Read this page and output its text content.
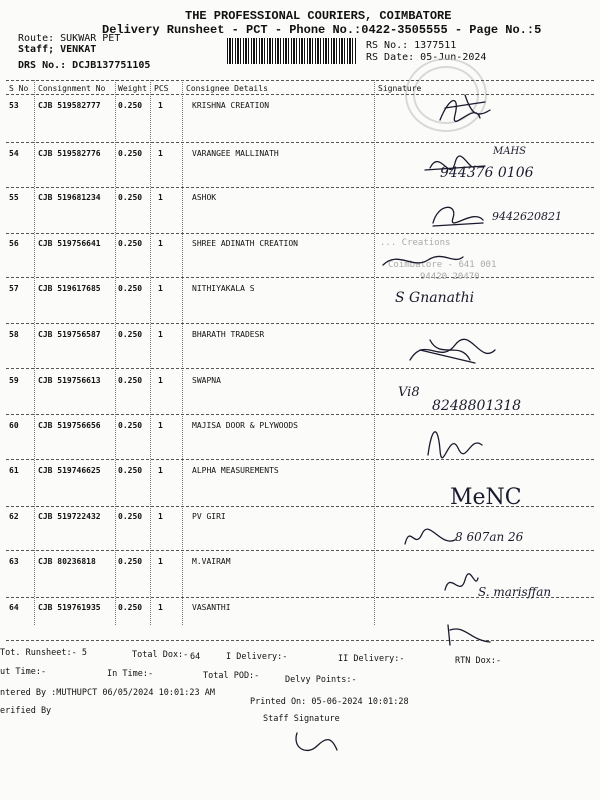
THE PROFESSIONAL COURIERS, COIMBATORE
Delivery Runsheet - PCT - Phone No.:0422-3505555 - Page No.:5
Route: SUKWAR PET
Staff; VENKAT
DRS No.: DCJB137751105
RS No.: 1377511
RS Date: 05-Jun-2024
S No Consignment No Weight PCS Consignee Details	Signature
53 CJB 519582777 0.250 1	KRISHNA CREATION
54 CJB 519582776 0.250 1	VARANGEE MALLINATH
55 CJB 519681234 0.250 1	ASHOK
56 CJB 519756641 0.250 1	SHREE ADINATH CREATION
57 CJB 519617685 0.250 1	NITHIYAKALA S
58 CJB 519756587 0.250 1	BHARATH TRADESR
59 CJB 519756613 0.250 1	SWAPNA
60 CJB 519756656 0.250 1	MAJISA DOOR & PLYWOODS
61 CJB 519746625 0.250 1	ALPHA MEASUREMENTS
62 CJB 519722432 0.250 1	PV GIRI
63 CJB 80236818	0.250 1	M.VAIRAM
64 CJB 519761935 0.250 1	VASANTHI
... Creations
Coimbatore - 641 001
94420 20470
MAHS
944376 0106
9442620821
S Gnanathi
Vi8
8248801318
MeNC
8 607an 26
S. marisffan
Tot. Runsheet:- 5	Total Dox:- 64	I Delivery:-	II Delivery:-	RTN Dox:-
ut Time:-	In Time:-	Total POD:-	Delvy Points:-
ntered By :MUTHUPCT 06/05/2024 10:01:23 AM
Printed On: 05-06-2024 10:01:28
erified By
Staff Signature
